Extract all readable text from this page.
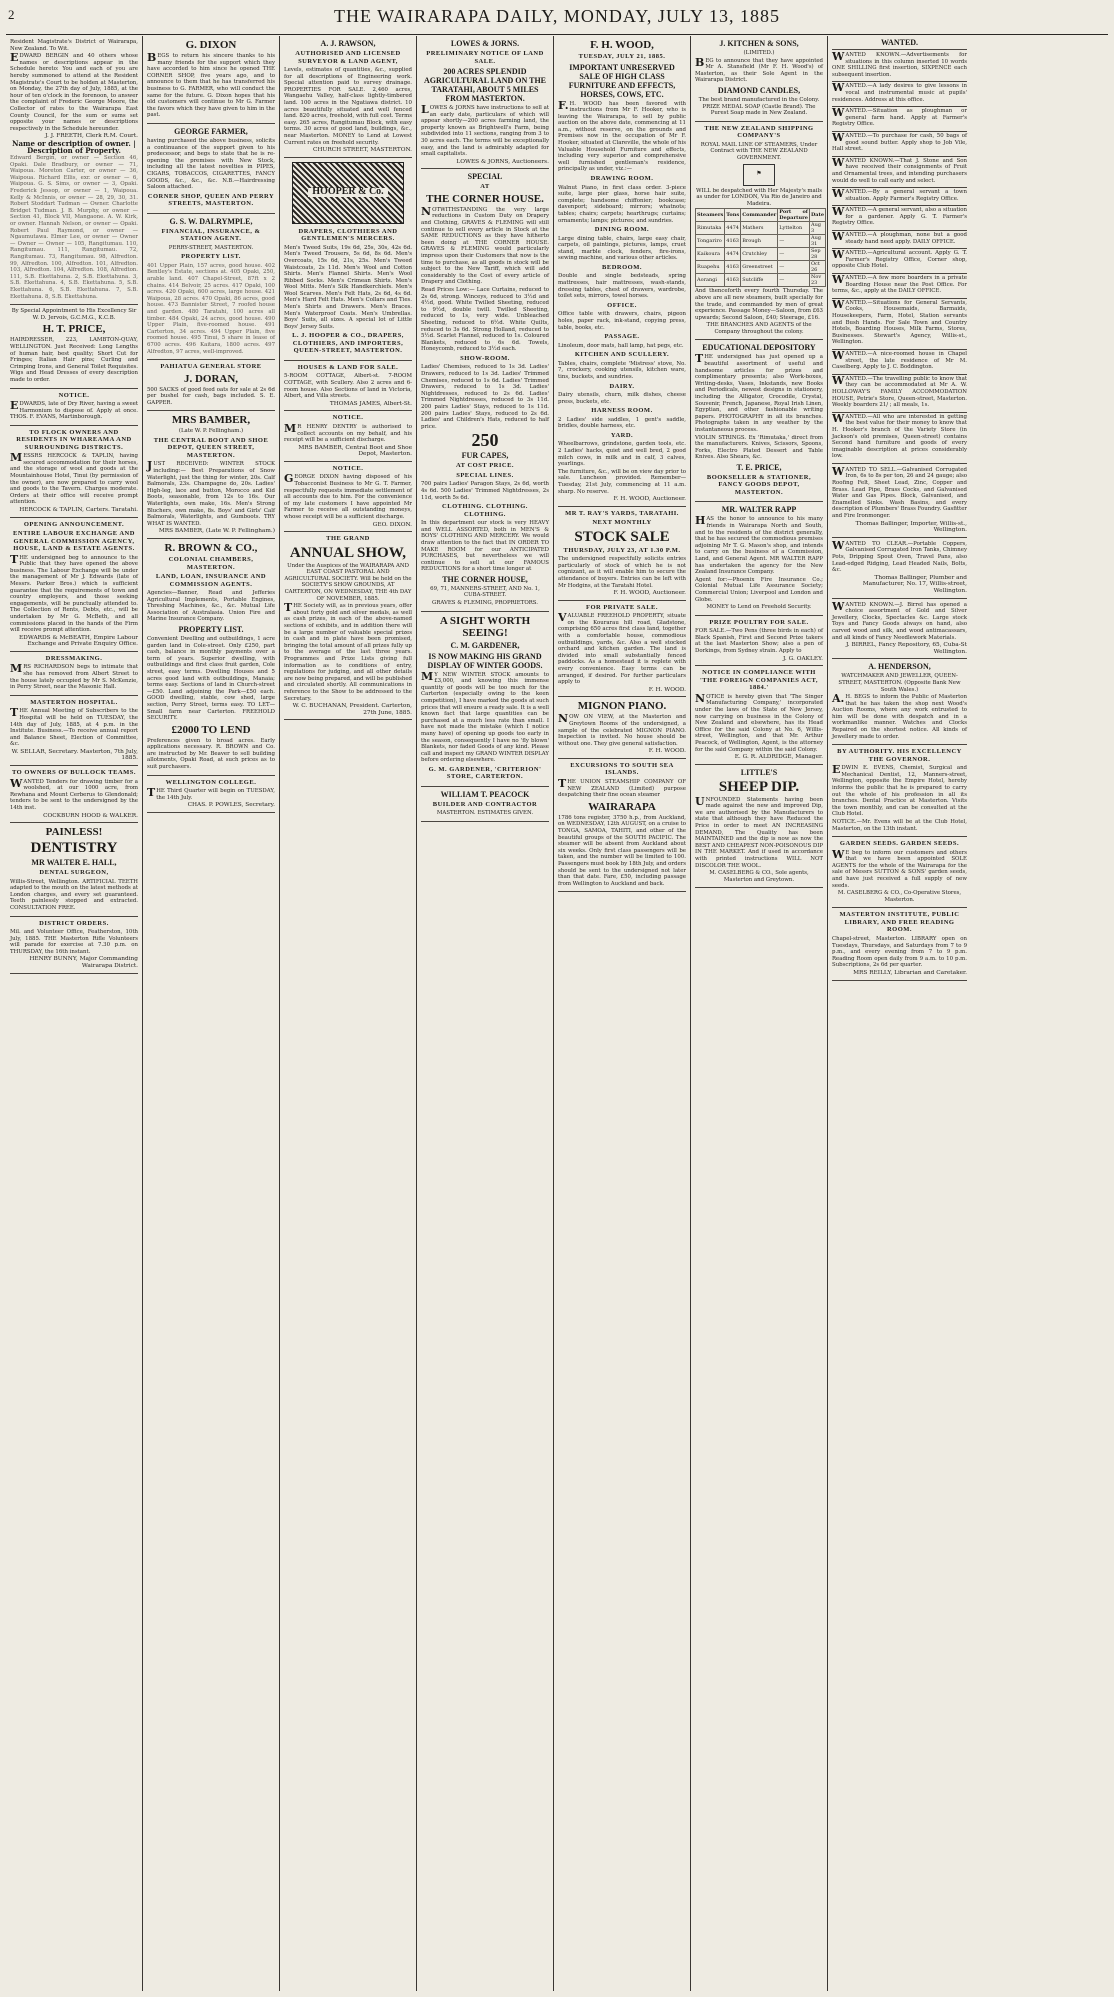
2	THE WAIRARAPA DAILY, MONDAY, JULY 13, 1885
Resident Magistrate's District of Wairarapa, New Zealand. To Wit.
EDWARD BERGIN and 40 others whose names or descriptions appear in the Schedule hereto: You and each of you are hereby summoned to attend at the Resident Magistrate's Court to be holden at Masterton, on Monday, the 27th day of July, 1885, at the hour of ten o'clock in the forenoon, to answer the complaint of Frederic George Moore, the Collector of rates to the Wairarapa East County Council, for the sum or sums set opposite your names or descriptions respectively in the Schedule hereunder.
J. J. FREETH, Clerk R.M. Court.
Name or description of owner. | Description of Property.
Edward Bergin, or owner — Section 46, Opaki. Dale Bradbury, or owner — 71, Waipoua. Moreton Carter, or owner — 36, Waipoua. Richard Ellis, exr. or owner — 6, Waipoua. G. S. Sims, or owner — 3, Opaki. Frederick Jessop, or owner — 1, Waipoua. Kelly & McInnis, or owner — 28, 29, 30, 31. Robert Stoddart Tudman — Owner. Charlotte Bridget Tudman. J. B. Murphy, or owner — Section 41, Block VII, Mangaone. A. W. Kirk, or owner. Hannah Nelson, or owner — Opaki. Robert Paul Raymond, or owner — Ngaumutawa. Elmer Lee, or owner — Owner — Owner — Owner — 105, Rangitumau. 110, Rangitumau. 111, Rangitumau. 72, Rangitumau. 73, Rangitumau. 98, Alfredton. 99, Alfredton. 100, Alfredton. 101, Alfredton. 103, Alfredton. 104, Alfredton. 108, Alfredton. 111, S.B. Ekettahuna. 2, S.B. Ekettahuna. 3, S.B. Ekettahuna. 4, S.B. Ekettahuna. 5, S.B. Ekettahuna. 6, S.B. Ekettahuna. 7, S.B. Ekettahuna. 8, S.B. Ekettahuna.
By Special Appointment to His Excellency Sir W. D. Jervois, G.C.M.G., K.C.B.
H. T. PRICE,
HAIRDRESSER, 223, LAMBTON-QUAY, WELLINGTON. Just Received: Long Lengths of human hair, best quality; Short Cut for Fringes; Italian Hair pins; Curling and Crimping Irons, and General Toilet Requisites. Wigs and Head Dresses of every description made to order.
NOTICE.
EDWARDS, late of Dry River, having a sweet Harmonium to dispose of. Apply at once. THOS. F. EVANS, Martinborough.
TO FLOCK OWNERS AND RESIDENTS IN WHAREAMA AND SURROUNDING DISTRICTS.
MESSRS HERCOCK & TAPLIN, having secured accommodation for their horses, and the storage of wool and goods at the Mountainhouse Hotel, Tinui (by permission of the owner), are now prepared to carry wool and goods to the Tavern. Charges moderate. Orders at their office will receive prompt attention.
HERCOCK & TAPLIN, Carters. Taratahi.
OPENING ANNOUNCEMENT.
ENTIRE LABOUR EXCHANGE AND GENERAL COMMISSION AGENCY, HOUSE, LAND & ESTATE AGENTS.
THE undersigned beg to announce to the Public that they have opened the above business. The Labour Exchange will be under the management of Mr J. Edwards (late of Messrs. Parker Bros.) which is sufficient guarantee that the requirements of town and country employers, and those seeking engagements, will be punctually attended to. The Collection of Rents, Debts, etc., will be undertaken by Mr G. McBeth, and all commissions placed in the hands of the Firm will receive prompt attention.
EDWARDS & McBEATH, Empire Labour Exchange and Private Enquiry Office.
DRESSMAKING.
MRS RICHARDSON begs to intimate that she has removed from Albert Street to the house lately occupied by Mr S. McKenzie, in Perry Street, near the Masonic Hall.
MASTERTON HOSPITAL.
THE Annual Meeting of Subscribers to the Hospital will be held on TUESDAY, the 14th day of July, 1885, at 4 p.m. in the Institute. Business.—To receive annual report and Balance Sheet, Election of Committee, &c.
W. SELLAR, Secretary. Masterton, 7th July, 1885.
TO OWNERS OF BULLOCK TEAMS.
WANTED Tenders for drawing timber for a woolshed, at our 1000 acre, from Rewhana and Mount Cerberus to Glendonald; tenders to be sent to the undersigned by the 14th inst.
COCKBURN HOOD & WALKER.
PAINLESS!
DENTISTRY
MR WALTER E. HALL,
DENTAL SURGEON,
Willis-Street, Wellington. ARTIFICIAL TEETH adapted to the mouth on the latest methods at London charges, and every set guaranteed. Teeth painlessly stopped and extracted. CONSULTATION FREE.
DISTRICT ORDERS.
Mil. and Volunteer Office, Featherston, 10th July, 1885. THE Masterton Rifle Volunteers will parade for exercise at 7.30 p.m. on THURSDAY, the 16th instant.
HENRY BUNNY, Major Commanding Wairarapa District.
G. DIXON
BEGS to return his sincere thanks to his many friends for the support which they have accorded to him since he opened THE CORNER SHOP, five years ago, and to announce to them that he has transferred his business to G. FARMER, who will conduct the same for the future. G. Dixon hopes that his old customers will continue to Mr G. Farmer the favors which they have given to him in the past.
GEORGE FARMER,
having purchased the above business, solicits a continuance of the support given to his predecessor, and begs to state that he is re-opening the premises with New Stock, including all the latest novelties in PIPES, CIGARS, TOBACCOS, CIGARETTES, FANCY GOODS, &c., &c., &c. N.B.—Hairdressing Saloon attached.
CORNER SHOP, QUEEN AND PERRY STREETS, MASTERTON.
G. S. W. DALRYMPLE,
FINANCIAL, INSURANCE, & STATION AGENT.
PERRY-STREET, MASTERTON.
PROPERTY LIST.
401 Upper Plain, 157 acres, good house. 402 Bentley's Estate, sections at. 405 Opaki, 250, arable land. 407 Chapel-Street, 87ft x 2 chains. 414 Belvoir, 25 acres. 417 Opaki, 100 acres. 420 Opaki, 600 acres, large house. 421 Waipoua, 28 acres. 470 Opaki, 86 acres, good house. 473 Bannister Street, 7 roofed house and garden. 480 Taratahi, 100 acres all timber. 484 Opaki, 24 acres, good house. 490 Upper Plain, five-roomed house. 491 Carterton, 34 acres. 494 Upper Plain, five roomed house. 495 Tinui, 5 share in lease of 6700 acres. 496 Kaitara, 1800 acres. 497 Alfredton, 97 acres, well-improved.
PAHIATUA GENERAL STORE
J. DORAN,
500 SACKS of good feed oats for sale at 2s 6d per bushel for cash, bags included. S. E. GAPPER.
MRS BAMBER,
(Late W. P. Fellingham.)
THE CENTRAL BOOT AND SHOE DEPOT, QUEEN STREET, MASTERTON.
JUST RECEIVED: WINTER STOCK including:— Best Preparations of Snow Waterlight, just the thing for winter, 20s. Calf Balmorals, 23s. Champagne do, 20s. Ladies' High-leg, lace and button, Morocco and Kid Boots, seasonable, from 12s to 16s. Our Waterlights, own make, 16s. Men's Strong Bluchers, own make, 8s. Boys' and Girls' Calf Balmorals, Waterlights, and Gumboots. TRY WHAT IS WANTED.
MRS BAMBER, (Late W. P. Fellingham.)
R. BROWN & CO.,
COLONIAL CHAMBERS, MASTERTON.
LAND, LOAN, INSURANCE AND COMMISSION AGENTS.
Agencies—Banner, Read and Jefferies Agricultural Implements, Portable Engines, Threshing Machines, &c., &c. Mutual Life Association of Australasia. Union Fire and Marine Insurance Company.
PROPERTY LIST.
Convenient Dwelling and outbuildings, 1 acre garden land in Cole-street. Only £250, part cash, balance in monthly payments over a term of years. Superior dwelling, with outbuildings and first class fruit garden, Cole street, easy terms. Dwelling Houses and 5 acres good land with outbuildings, Manaia; terms easy. Sections of land in Church-street—£50. Land adjoining the Park—£50 each. GOOD dwelling, stable, cow shed, large section, Perry Street, terms easy. TO LET—Small farm near Carterton. FREEHOLD SECURITY.
£2000 TO LEND
Preferences given to broad acres. Early applications necessary. R. BROWN and Co. are instructed by Mr. Beaver to sell building allotments, Opaki Road, at such prices as to suit purchasers.
WELLINGTON COLLEGE.
THE Third Quarter will begin on TUESDAY, the 14th July.
CHAS. P. POWLES, Secretary.
A. J. RAWSON,
AUTHORISED AND LICENSED SURVEYOR & LAND AGENT,
Levels, estimates of quantities, &c., supplied for all descriptions of Engineering work. Special attention paid to survey drainage. PROPERTIES FOR SALE. 2,460 acres, Wangaehu Valley, half-class lightly-timbered land. 100 acres in the Ngatiawa district. 10 acres beautifully situated and well fenced land. 820 acres, freehold, with full cost. Terms easy. 265 acres, Rangitumau Block, with easy terms. 30 acres of good land, buildings, &c., near Masterton. MONEY to Lend at Lowest Current rates on freehold security.
CHURCH STREET, MASTERTON.
HOOPER & Co.
DRAPERS, CLOTHIERS AND GENTLEMEN'S MERCERS.
Men's Tweed Suits, 19s 6d, 25s, 30s, 42s 6d. Men's Tweed Trousers, 5s 6d, 8s 6d. Men's Overcoats, 15s 6d, 21s, 25s. Men's Tweed Waistcoats, 2s 11d. Men's Wool and Cotton Shirts. Men's Flannel Shirts. Men's Wool Ribbed Socks. Men's Crimean Shirts. Men's Wool Mitts. Men's Silk Handkerchiefs. Men's Wool Scarves. Men's Felt Hats, 2s 6d, 4s 6d. Men's Hard Felt Hats. Men's Collars and Ties. Men's Shirts and Drawers. Men's Braces. Men's Waterproof Coats. Men's Umbrellas. Boys' Suits, all sizes. A special lot of Little Boys' Jersey Suits.
L. J. HOOPER & CO., DRAPERS, CLOTHIERS, AND IMPORTERS, QUEEN-STREET, MASTERTON.
HOUSES & LAND FOR SALE.
5-ROOM COTTAGE, Albert-st. 7-ROOM COTTAGE, with Scullery. Also 2 acres and 6-room house. Also Sections of land in Victoria, Albert, and Villa streets.
THOMAS JAMES, Albert-St.
NOTICE.
MR HENRY DENTRY is authorised to collect accounts on my behalf, and his receipt will be a sufficient discharge.
MRS BAMBER, Central Boot and Shoe Depot, Masterton.
NOTICE.
GEORGE DIXON having disposed of his Tobacconist Business to Mr G. T. Farmer, respectfully requests immediate settlement of all accounts due to him. For the convenience of my late customers I have appointed Mr Farmer to receive all outstanding moneys, whose receipt will be a sufficient discharge.
GEO. DIXON.
THE GRAND
ANNUAL SHOW,
Under the Auspices of the WAIRARAPA AND EAST COAST PASTORAL AND AGRICULTURAL SOCIETY. Will be held on the SOCIETY'S SHOW GROUNDS, AT CARTERTON, ON WEDNESDAY, THE 4th DAY OF NOVEMBER, 1885.
THE Society will, as in previous years, offer about forty gold and silver medals, as well as cash prizes, in each of the above-named sections of exhibits, and in addition there will be a large number of valuable special prizes in cash and in plate have been promised, bringing the total amount of all prizes fully up to the average of the last three years. Programmes and Prize Lists giving full information as to conditions of entry, regulations for judging, and all other details are now being prepared, and will be published and circulated shortly. All communications in reference to the Show to be addressed to the Secretary.
W. C. BUCHANAN, President. Carterton, 27th June, 1885.
LOWES & JORNS.
PRELIMINARY NOTICE OF LAND SALE.
200 ACRES SPLENDID AGRICULTURAL LAND ON THE TARATAHI, ABOUT 5 MILES FROM MASTERTON.
LOWES & JORNS have instructions to sell at an early date, particulars of which will appear shortly—200 acres farming land, the property known as Brightwell's Farm, being subdivided into 11 sections, ranging from 3 to 30 acres each. The terms will be exceptionally easy, and the land is admirably adapted for small capitalists.
LOWES & JORNS, Auctioneers.
SPECIAL
AT
THE CORNER HOUSE.
NOTWITHSTANDING the very large reductions in Custom Duty on Drapery and Clothing, GRAVES & FLEMING will still continue to sell every article in Stock at the SAME REDUCTIONS as they have hitherto been doing at THE CORNER HOUSE. GRAVES & FLEMING would particularly impress upon their Customers that now is the time to purchase, as all goods in stock will be subject to the New Tariff, which will add considerably to the Cost of every article of Drapery and Clothing.
Read Prices Low:— Lace Curtains, reduced to 2s 6d, strong. Winceys, reduced to 3½d and 4½d, good. White Twilled Sheeting, reduced to 9½d, double twill. Twilled Sheeting, reduced to 1s, very wide. Unbleached Sheeting, reduced to 6½d. White Quilts, reduced to 3s 6d. Strong Holland, reduced to 5½d. Scarlet Flannel, reduced to 1s. Coloured Blankets, reduced to 6s 6d. Towels, Honeycomb, reduced to 3½d each.
SHOW-ROOM.
Ladies' Chemises, reduced to 1s 3d. Ladies' Drawers, reduced to 1s 3d. Ladies' Trimmed Chemises, reduced to 1s 6d. Ladies' Trimmed Drawers, reduced to 1s 3d. Ladies' Nightdresses, reduced to 2s 6d. Ladies' Trimmed Nightdresses, reduced to 3s 11d. 200 pairs Ladies' Stays, reduced to 1s 11d. 200 pairs Ladies' Stays, reduced to 2s 6d. Ladies' and Children's Hats, reduced to half price.
250
FUR CAPES,
AT COST PRICE.
SPECIAL LINES.
700 pairs Ladies' Paragon Stays, 2s 6d, worth 4s 6d. 500 Ladies' Trimmed Nightdresses, 2s 11d, worth 5s 6d.
CLOTHING. CLOTHING. CLOTHING.
In this department our stock is very HEAVY and WELL ASSORTED, both in MEN'S & BOYS' CLOTHING AND MERCERY. We would draw attention to the fact that IN ORDER TO MAKE ROOM for our ANTICIPATED PURCHASES, but nevertheless we will continue to sell at our FAMOUS REDUCTIONS for a short time longer at
THE CORNER HOUSE,
69, 71, MANNERS-STREET, AND No. 1, CUBA-STREET.
GRAVES & FLEMING, PROPRIETORS.
A SIGHT WORTH SEEING!
C. M. GARDENER,
IS NOW MAKING HIS GRAND DISPLAY OF WINTER GOODS.
MY NEW WINTER STOCK amounts to £3,000, and knowing this immense quantity of goods will be too much for the Carterton (especially owing to the keen competition), I have marked the goods at such prices that will ensure a ready sale. It is a well known fact that large quantities can be purchased at a much less rate than small. I have not made the mistake (which I notice many have) of opening up goods too early in the season, consequently I have no 'fly blown' Blankets, nor faded Goods of any kind. Please call and inspect my GRAND WINTER DISPLAY before ordering elsewhere.
G. M. GARDENER, 'CRITERION' STORE, CARTERTON.
WILLIAM T. PEACOCK
BUILDER AND CONTRACTOR
MASTERTON. ESTIMATES GIVEN.
F. H. WOOD,
TUESDAY, JULY 21, 1885.
IMPORTANT UNRESERVED SALE OF HIGH CLASS FURNITURE AND EFFECTS, HORSES, COWS, ETC.
F.H. WOOD has been favored with instructions from Mr F. Hooker, who is leaving the Wairarapa, to sell by public auction on the above date, commencing at 11 a.m., without reserve, on the grounds and Premises now in the occupation of Mr F. Hooker, situated at Clareville, the whole of his Valuable Household Furniture and effects, including very superior and comprehensive well furnished gentleman's residence, principally as under, viz.:—
DRAWING ROOM.
Walnut Piano, in first class order. 3-piece suite, large pier glass, horse hair suite, complete; handsome chiffonier; bookcase; davenport; sideboard; mirrors; whatnots; tables; chairs; carpets; hearthrugs; curtains; ornaments; lamps; pictures; and sundries.
DINING ROOM.
Large dining table, chairs, large easy chair, carpets, oil paintings, pictures, lamps, cruet stand, marble clock, fenders, fire-irons, sewing machine, and various other articles.
BEDROOM.
Double and single bedsteads, spring mattresses, hair mattresses, wash-stands, dressing tables, chest of drawers, wardrobe, toilet sets, mirrors, towel horses.
OFFICE.
Office table with drawers, chairs, pigeon holes, paper rack, ink-stand, copying press, table, books, etc.
PASSAGE.
Linoleum, door mats, hall lamp, hat pegs, etc.
KITCHEN AND SCULLERY.
Tables, chairs, complete 'Mistress' stove, No. 7, crockery, cooking utensils, kitchen ware, tins, buckets, and sundries.
DAIRY.
Dairy utensils, churn, milk dishes, cheese press, buckets, etc.
HARNESS ROOM.
2 Ladies' side saddles, 1 gent's saddle, bridles, double harness, etc.
YARD.
Wheelbarrows, grindstone, garden tools, etc. 2 Ladies' hacks, quiet and well bred, 2 good milch cows, in milk and in calf, 3 calves, yearlings.
The furniture, &c., will be on view day prior to sale. Luncheon provided. Remember—Tuesday, 21st July, commencing at 11 a.m. sharp. No reserve.
F. H. WOOD, Auctioneer.
MR T. RAY'S YARDS, TARATAHI.
NEXT MONTHLY
STOCK SALE
THURSDAY, JULY 23, AT 1.30 P.M.
The undersigned respectfully solicits entries particularly of stock of which he is not cognizant, as it will enable him to secure the attendance of buyers. Entries can be left with Mr Hodgins, at the Taratahi Hotel.
F. H. WOOD, Auctioneer.
FOR PRIVATE SALE.
VALUABLE FREEHOLD PROPERTY, situate on the Kourarau hill road, Gladstone, comprising 650 acres first class land, together with a comfortable house, commodious outbuildings, yards, &c. Also a well stocked orchard and kitchen garden. The land is divided into small substantially fenced paddocks. As a homestead it is replete with every convenience. Easy terms can be arranged, if desired. For further particulars apply to
F. H. WOOD.
MIGNON PIANO.
NOW ON VIEW, at the Masterton and Greytown Rooms of the undersigned, a sample of the celebrated MIGNON PIANO. Inspection is invited. No house should be without one. They give general satisfaction.
F. H. WOOD.
EXCURSIONS TO SOUTH SEA ISLANDS.
THE UNION STEAMSHIP COMPANY OF NEW ZEALAND (Limited) purpose despatching their fine ocean steamer
WAIRARAPA
1786 tons register, 3750 h.p., from Auckland, on WEDNESDAY, 12th AUGUST, on a cruise to TONGA, SAMOA, TAHITI, and other of the beautiful groups of the SOUTH PACIFIC. The steamer will be absent from Auckland about six weeks. Only first class passengers will be taken, and the number will be limited to 100. Passengers must book by 18th July, and orders should be sent to the undersigned not later than that date. Fare, £50, including passage from Wellington to Auckland and back.
J. KITCHEN & SONS,
(LIMITED.)
BEG to announce that they have appointed Mr A. Stansfield (Mr F. H. Wood's) of Masterton, as their Sole Agent in the Wairarapa District.
DIAMOND CANDLES,
The best brand manufactured in the Colony. PRIZE MEDAL SOAP (Castle Brand). The Purest Soap made in New Zealand.
THE NEW ZEALAND SHIPPING COMPANY'S
ROYAL MAIL LINE OF STEAMERS, Under Contract with THE NEW ZEALAND GOVERNMENT.
⚑
WILL be despatched with Her Majesty's mails as under for LONDON, Via Rio de Janeiro and Madeira.
Steamers	Tons	Commander	Port of Departure	Date
Rimutaka	4474	Mathers	Lyttelton	Aug 3
Tongariro	4163	Brough	—	Aug 31
Kaikoura	4474	Crutchley	—	Sep 28
Ruapehu	4163	Greenstreet	—	Oct 26
Aorangi	4163	Sutcliffe	—	Nov 23
And thenceforth every fourth Thursday. The above are all new steamers, built specially for the trade, and commanded by men of great experience. Passage Money—Saloon, from £63 upwards; Second Saloon, £40; Steerage, £16.
THE BRANCHES AND AGENTS of the Company throughout the colony.
EDUCATIONAL DEPOSITORY
THE undersigned has just opened up a beautiful assortment of useful and handsome articles for prizes and complimentary presents; also Work-boxes, Writing-desks, Vases, Inkstands, new Books and Periodicals, newest designs in stationery, including the Alligator, Crocodile, Crystal, Souvenir, French, Japanese, Royal Irish Linen, Egyptian, and other fashionable writing papers. PHOTOGRAPHY in all its branches. Photographs taken in any weather by the instantaneous process.
VIOLIN STRINGS. Ex 'Rimutaka,' direct from the manufacturers. Knives, Scissors, Spoons, Forks, Electro Plated Dessert and Table Knives. Also Shears, &c.
T. E. PRICE,
BOOKSELLER & STATIONER, FANCY GOODS DEPOT, MASTERTON.
MR. WALTER RAPP
HAS the honor to announce to his many friends in Wairarapa North and South, and to the residents of the district generally, that he has secured the commodious premises adjoining Mr T. G. Mason's shop, and intends to carry on the business of a Commission, Land, and General Agent. MR WALTER RAPP has undertaken the agency for the New Zealand Insurance Company.
Agent for:—Phoenix Fire Insurance Co.; Colonial Mutual Life Assurance Society; Commercial Union; Liverpool and London and Globe.
MONEY to Lend on Freehold Security.
PRIZE POULTRY FOR SALE.
FOR SALE.—Two Pens (three birds in each) of Black Spanish, First and Second Prize takers at the last Masterton Show; also a pen of Dorkings, from Sydney strain. Apply to
J. G. OAKLEY.
NOTICE IN COMPLIANCE WITH 'THE FOREIGN COMPANIES ACT, 1884.'
NOTICE is hereby given that 'The Singer Manufacturing Company,' incorporated under the laws of the State of New Jersey, now carrying on business in the Colony of New Zealand and elsewhere, has its Head Office for the said Colony at No. 6, Willis-street, Wellington, and that Mr. Arthur Peacock, of Wellington, Agent, is the attorney for the said Company within the said Colony.
E. G. R. ALDRIDGE, Manager.
LITTLE'S
SHEEP DIP.
UNFOUNDED Statements having been made against the new and improved Dip, we are authorised by the Manufacturers to state that although they have Reduced the Price in order to meet AN INCREASING DEMAND, The Quality has been MAINTAINED and the dip is now as now the BEST AND CHEAPEST NON-POISONOUS DIP IN THE MARKET. And if used in accordance with printed instructions WILL NOT DISCOLOR THE WOOL.
M. CASELBERG & CO., Sole agents, Masterton and Greytown.
WANTED.
WANTED KNOWN.—Advertisements for situations in this column inserted 10 words ONE SHILLING first insertion, SIXPENCE each subsequent insertion.
WANTED.—A lady desires to give lessons in vocal and instrumental music at pupils' residences. Address at this office.
WANTED.—Situation as ploughman or general farm hand. Apply at Farmer's Registry Office.
WANTED.—To purchase for cash, 50 bags of good sound butter. Apply shop to Job Vile, Hall street.
WANTED KNOWN.—That J. Stone and Son have received their consignments of Fruit and Ornamental trees, and intending purchasers would do well to call early and select.
WANTED.—By a general servant a town situation. Apply Farmer's Registry Office.
WANTED.—A general servant, also a situation for a gardener. Apply G. T. Farmer's Registry Office.
WANTED.—A ploughman, none but a good steady hand need apply. DAILY OFFICE.
WANTED.—Agricultural account. Apply G. T. Farmer's Registry Office, Corner shop, opposite Club Hotel.
WANTED.—A few more boarders in a private Boarding House near the Post Office. For terms, &c., apply at the DAILY OFFICE.
WANTED.—Situations for General Servants, Cooks, Housemaids, Barmaids, Housekeepers, Farm, Hotel, Station servants and Bush Hands. For Sale Town and Country Hotels, Boarding Houses, Milk Farms, Stores, Businesses. Stewart's Agency, Willis-st., Wellington.
WANTED.—A nice-roomed house in Chapel street, the late residence of Mr M. Caselberg. Apply to J. C. Boddington.
WANTED.—The travelling public to know that they can be accommodated at Mr A. W. HOLLOWAY'S FAMILY ACCOMMODATION HOUSE, Petrie's Store, Queen-street, Masterton. Weekly boarders 21/ ; all meals, 1s.
WANTED.—All who are interested in getting the best value for their money to know that H. Hooker's branch of the Variety Store (in Jackson's old premises, Queen-street) contains Second hand furniture and goods of every imaginable description at prices considerably low.
WANTED TO SELL.—Galvanised Corrugated Iron, 6s to 8s per ton, 26 and 24 gauge; also Roofing Felt, Sheet Lead, Zinc, Copper and Brass. Lead Pipe, Brass Cocks, and Galvanised Water and Gas Pipes. Block, Galvanised, and Enamelled Sinks. Wash Basins, and every description of Plumbers' Brass Foundry. Gasfitter and Fire Ironmonger.
Thomas Ballinger, Importer, Willis-st., Wellington.
WANTED TO CLEAR.—Portable Coppers, Galvanised Corrugated Iron Tanks, Chimney Pots, Dripping Spout Oven, Travel Pans, also Lead-edged Ridging, Lead Headed Nails, Bolts, &c.
Thomas Ballinger, Plumber and Manufacturer, No. 17, Willis-street, Wellington.
WANTED KNOWN.—J. Birrel has opened a choice assortment of Gold and Silver Jewellery, Clocks, Spectacles &c. Large stock Toys and Fancy Goods always on hand, also carved wood and silk, and wood antimacassars, and all kinds of Fancy Needlework Materials.
J. BIRREL, Fancy Repository, 65, Cuba-St Wellington.
A. HENDERSON,
WATCHMAKER AND JEWELLER, QUEEN-STREET, MASTERTON. (Opposite Bank New South Wales.)
A.H. BEGS to inform the Public of Masterton that he has taken the shop next Wood's Auction Rooms, where any work entrusted to him will be done with despatch and in a workmanlike manner. Watches and Clocks Repaired on the shortest notice. All kinds of Jewellery made to order.
BY AUTHORITY. HIS EXCELLENCY THE GOVERNOR.
EDWIN E. EVENS, Chemist, Surgical and Mechanical Dentist, 12, Manners-street, Wellington, opposite the Empire Hotel, hereby informs the public that he is prepared to carry out the whole of his profession in all its branches. Dental Practice at Masterton. Visits the town monthly, and can be consulted at the Club Hotel.
NOTICE.—Mr. Evens will be at the Club Hotel, Masterton, on the 13th instant.
GARDEN SEEDS. GARDEN SEEDS.
WE beg to inform our customers and others that we have been appointed SOLE AGENTS for the whole of the Wairarapa for the sale of Messrs SUTTON & SONS' garden seeds, and have just received a full supply of new seeds.
M. CASELBERG & CO., Co-Operative Stores, Masterton.
MASTERTON INSTITUTE, PUBLIC LIBRARY, AND FREE READING ROOM.
Chapel-street, Masterton. LIBRARY open on Tuesdays, Thursdays, and Saturdays from 7 to 9 p.m., and every evening from 7 to 9 p.m. Reading Room open daily from 9 a.m. to 10 p.m. Subscriptions, 2s 6d per quarter.
MRS REILLY, Librarian and Caretaker.
